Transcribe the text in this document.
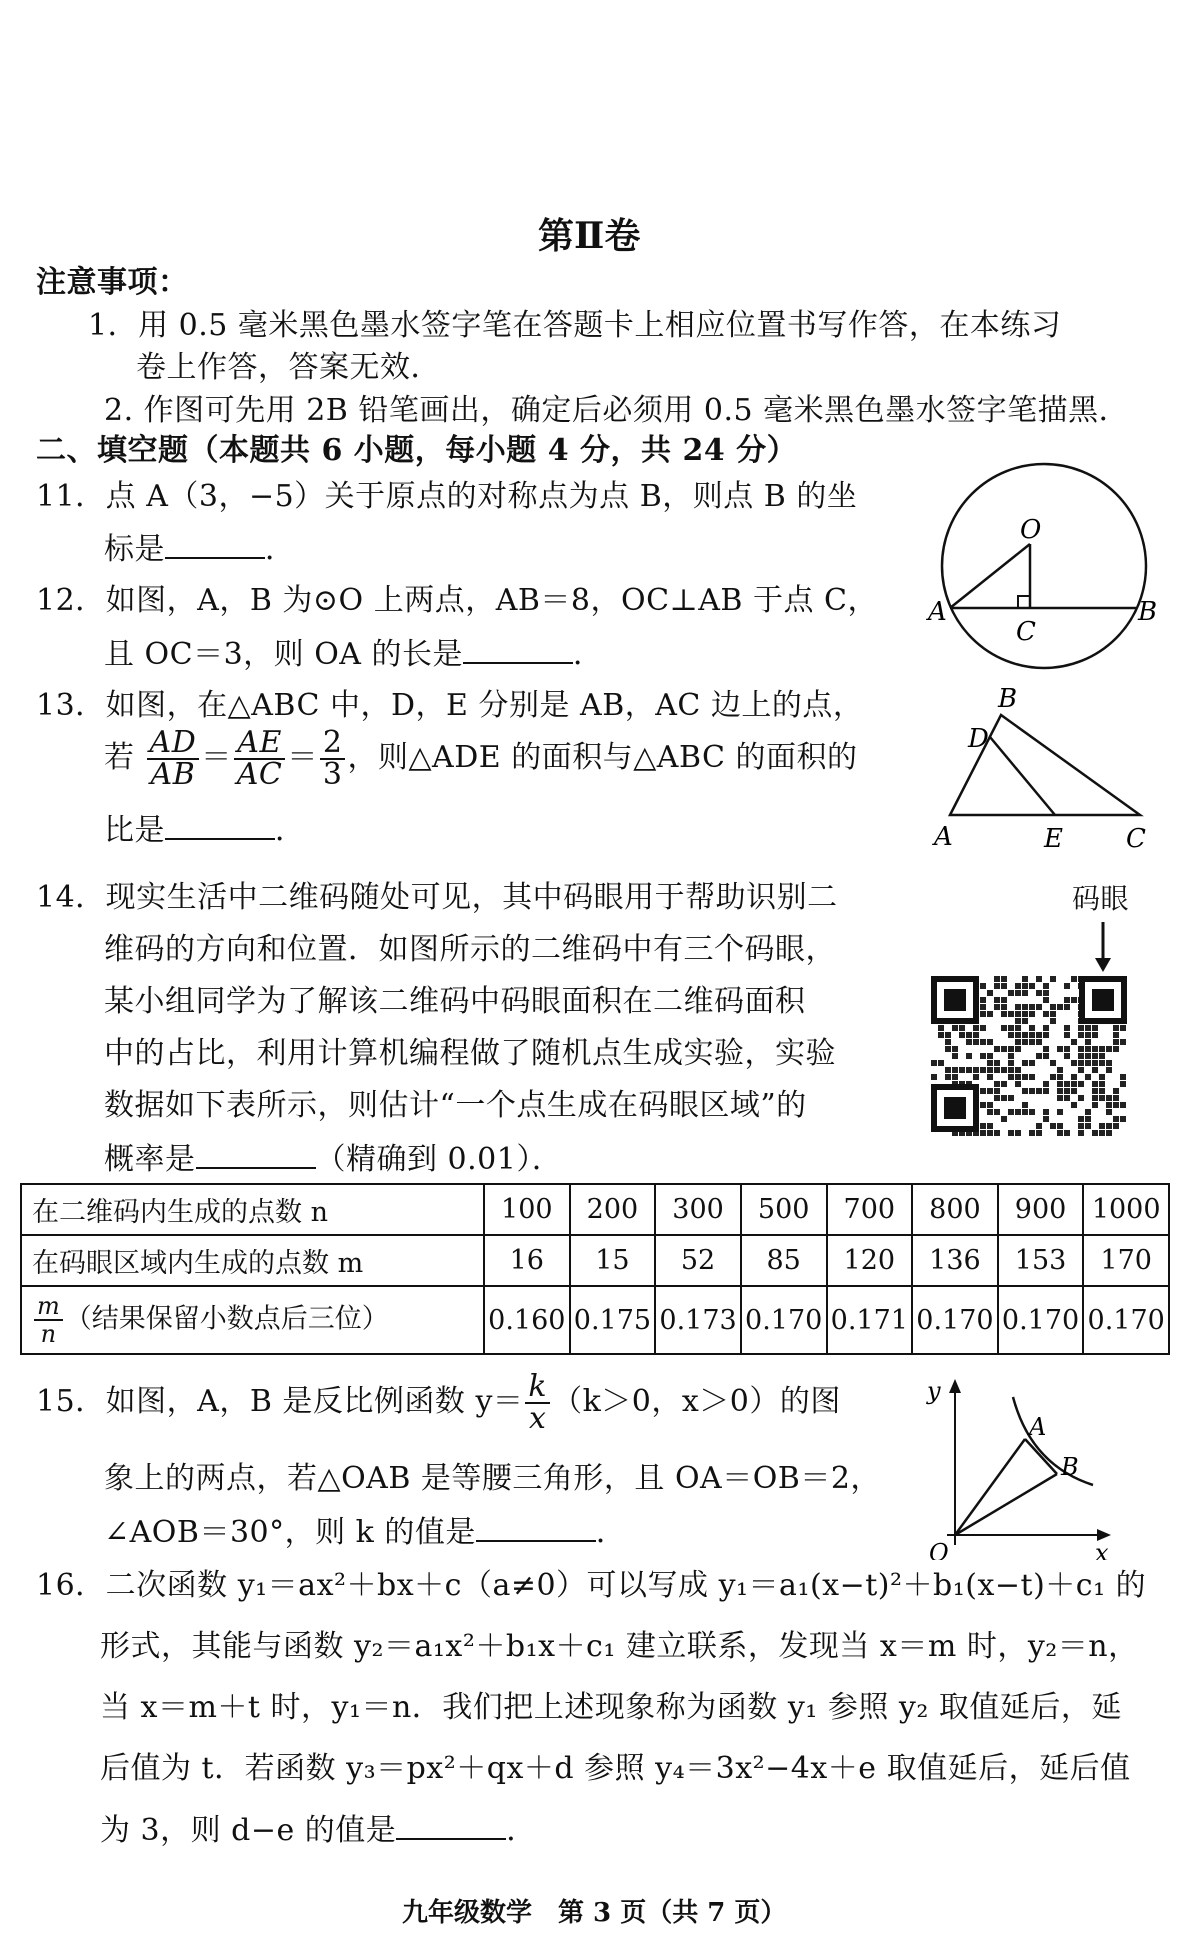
第Ⅱ卷
注意事项：
1．用 0.5 毫米黑色墨水签字笔在答题卡上相应位置书写作答，在本练习
卷上作答，答案无效．
2. 作图可先用 2B 铅笔画出，确定后必须用 0.5 毫米黑色墨水签字笔描黑．
二、填空题（本题共 6 小题，每小题 4 分，共 24 分）
11．点 A（3，−5）关于原点的对称点为点 B，则点 B 的坐
标是	．
12．如图，A，B 为⊙O 上两点，AB＝8，OC⊥AB 于点 C，
且 OC＝3，则 OA 的长是	．
O
A	B
C
13．如图，在△ABC 中，D，E 分别是 AB，AC 边上的点，
若 $\frac{AD}{AB} = \frac{AE}{AC} = \frac{2}{3}$ ，则△ADE 的面积与△ABC 的面积的
比是	．
B
D
A	E C
14．现实生活中二维码随处可见，其中码眼用于帮助识别二
维码的方向和位置．如图所示的二维码中有三个码眼，
某小组同学为了解该二维码中码眼面积在二维码面积
中的占比，利用计算机编程做了随机点生成实验，实验
数据如下表所示，则估计“一个点生成在码眼区域”的
概率是	（精确到 0.01）．
码眼
在二维码内生成的点数 n	100	200	300	500	700	800	900	1000
在码眼区域内生成的点数 m	16	15	52	85	120	136	153	170

$\frac{m}{n}$ （结果保留小数点后三位）	0.160	0.175	0.173	0.170	0.171	0.170	0.170	0.170
15．如图，A，B 是反比例函数 $y= \frac{k}{x} (k>0$，x＞0）的图
象上的两点，若△OAB 是等腰三角形，且 OA＝OB＝2，
∠AOB＝30°，则 k 的值是	．
y
x
O
A
B
16．二次函数 y₁＝ax²＋bx＋c（a≠0）可以写成 y₁＝a₁(x−t)²＋b₁(x−t)＋c₁ 的
形式，其能与函数 y₂＝a₁x²＋b₁x＋c₁ 建立联系，发现当 x＝m 时，y₂＝n，
当 x＝m＋t 时，y₁＝n．我们把上述现象称为函数 y₁ 参照 y₂ 取值延后，延
后值为 t．若函数 y₃＝px²＋qx＋d 参照 y₄＝3x²−4x＋e 取值延后，延后值
为 3，则 d−e 的值是	．
九年级数学　第 3 页（共 7 页）
